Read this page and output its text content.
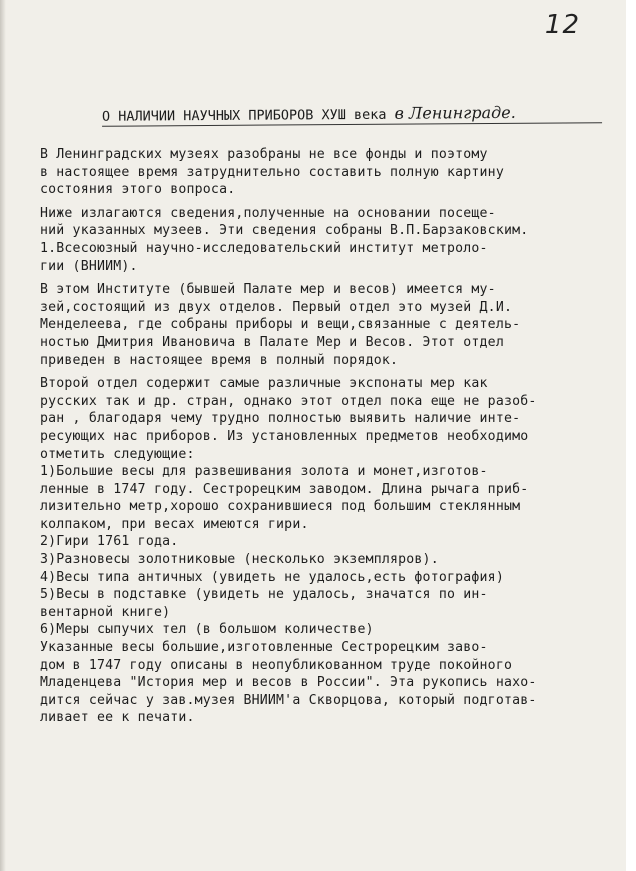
12
О НАЛИЧИИ НАУЧНЫХ ПРИБОРОВ ХУШ века в Ленинграде.
В Ленинградских музеях разобраны не все фонды и поэтому
в настоящее время затруднительно составить полную картину
состояния этого вопроса.
Ниже излагаются сведения,полученные на основании посеще-
ний указанных музеев. Эти сведения собраны В.П.Барзаковским.
1.Всесоюзный научно-исследовательский институт метроло-
гии (ВНИИМ).
В этом Институте (бывшей Палате мер и весов) имеется му-
зей,состоящий из двух отделов. Первый отдел это музей Д.И.
Менделеева, где собраны приборы и вещи,связанные с деятель-
ностью Дмитрия Ивановича в Палате Мер и Весов. Этот отдел
приведен в настоящее время в полный порядок.
Второй отдел содержит самые различные экспонаты мер как
русских так и др. стран, однако этот отдел пока еще не разоб-
ран , благодаря чему трудно полностью выявить наличие инте-
ресующих нас приборов. Из установленных предметов необходимо
отметить следующие:
1)Большие весы для развешивания золота и монет,изготов-
ленные в 1747 году. Сестрорецким заводом. Длина рычага приб-
лизительно метр,хорошо сохранившиеся под большим стеклянным
колпаком, при весах имеются гири.
2)Гири 1761 года.
3)Разновесы золотниковые (несколько экземпляров).
4)Весы типа античных (увидеть не удалось,есть фотография)
5)Весы в подставке (увидеть не удалось, значатся по ин-
вентарной книге)
6)Меры сыпучих тел (в большом количестве)
Указанные весы большие,изготовленные Сестрорецким заво-
дом в 1747 году описаны в неопубликованном труде покойного
Младенцева "История мер и весов в России". Эта рукопись нахо-
дится сейчас у зав.музея ВНИИМ'а Скворцова, который подготав-
ливает ее к печати.
